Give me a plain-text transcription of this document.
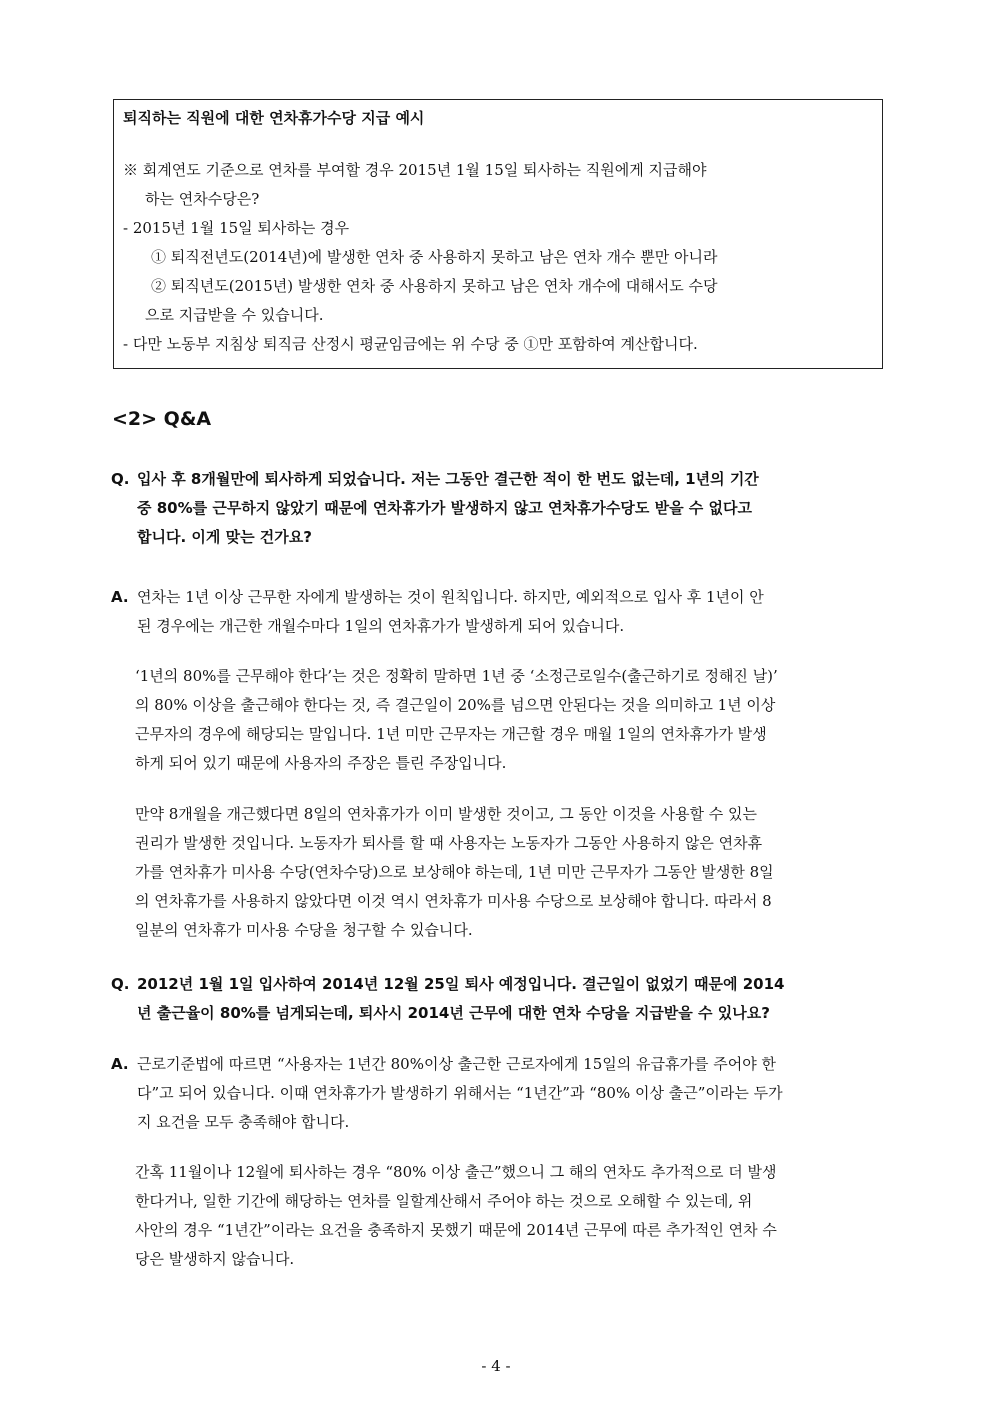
퇴직하는 직원에 대한 연차휴가수당 지급 예시

※ 회계연도 기준으로 연차를 부여할 경우 2015년 1월 15일 퇴사하는 직원에게 지급해야

하는 연차수당은?

- 2015년 1월 15일 퇴사하는 경우

① 퇴직전년도(2014년)에 발생한 연차 중 사용하지 못하고 남은 연차 개수 뿐만 아니라

② 퇴직년도(2015년) 발생한 연차 중 사용하지 못하고 남은 연차 개수에 대해서도 수당

으로 지급받을 수 있습니다.

- 다만 노동부 지침상 퇴직금 산정시 평균임금에는 위 수당 중 ①만 포함하여 계산합니다.

<2> Q&A

Q. 입사 후 8개월만에 퇴사하게 되었습니다. 저는 그동안 결근한 적이 한 번도 없는데, 1년의 기간

중 80%를 근무하지 않았기 때문에 연차휴가가 발생하지 않고 연차휴가수당도 받을 수 없다고

합니다. 이게 맞는 건가요?

A. 연차는 1년 이상 근무한 자에게 발생하는 것이 원칙입니다. 하지만, 예외적으로 입사 후 1년이 안

된 경우에는 개근한 개월수마다 1일의 연차휴가가 발생하게 되어 있습니다.

‘1년의 80%를 근무해야 한다’는 것은 정확히 말하면 1년 중 ‘소정근로일수(출근하기로 정해진 날)’

의 80% 이상을 출근해야 한다는 것, 즉 결근일이 20%를 넘으면 안된다는 것을 의미하고 1년 이상

근무자의 경우에 해당되는 말입니다. 1년 미만 근무자는 개근할 경우 매월 1일의 연차휴가가 발생

하게 되어 있기 때문에 사용자의 주장은 틀린 주장입니다.

만약 8개월을 개근했다면 8일의 연차휴가가 이미 발생한 것이고, 그 동안 이것을 사용할 수 있는

권리가 발생한 것입니다. 노동자가 퇴사를 할 때 사용자는 노동자가 그동안 사용하지 않은 연차휴

가를 연차휴가 미사용 수당(연차수당)으로 보상해야 하는데, 1년 미만 근무자가 그동안 발생한 8일

의 연차휴가를 사용하지 않았다면 이것 역시 연차휴가 미사용 수당으로 보상해야 합니다. 따라서 8

일분의 연차휴가 미사용 수당을 청구할 수 있습니다.

Q. 2012년 1월 1일 입사하여 2014년 12월 25일 퇴사 예정입니다. 결근일이 없었기 때문에 2014

년 출근율이 80%를 넘게되는데, 퇴사시 2014년 근무에 대한 연차 수당을 지급받을 수 있나요?

A. 근로기준법에 따르면 “사용자는 1년간 80%이상 출근한 근로자에게 15일의 유급휴가를 주어야 한

다”고 되어 있습니다. 이때 연차휴가가 발생하기 위해서는 “1년간”과 “80% 이상 출근”이라는 두가

지 요건을 모두 충족해야 합니다.

간혹 11월이나 12월에 퇴사하는 경우 “80% 이상 출근”했으니 그 해의 연차도 추가적으로 더 발생

한다거나, 일한 기간에 해당하는 연차를 일할계산해서 주어야 하는 것으로 오해할 수 있는데, 위

사안의 경우 “1년간”이라는 요건을 충족하지 못했기 때문에 2014년 근무에 따른 추가적인 연차 수

당은 발생하지 않습니다.

- 4 -
